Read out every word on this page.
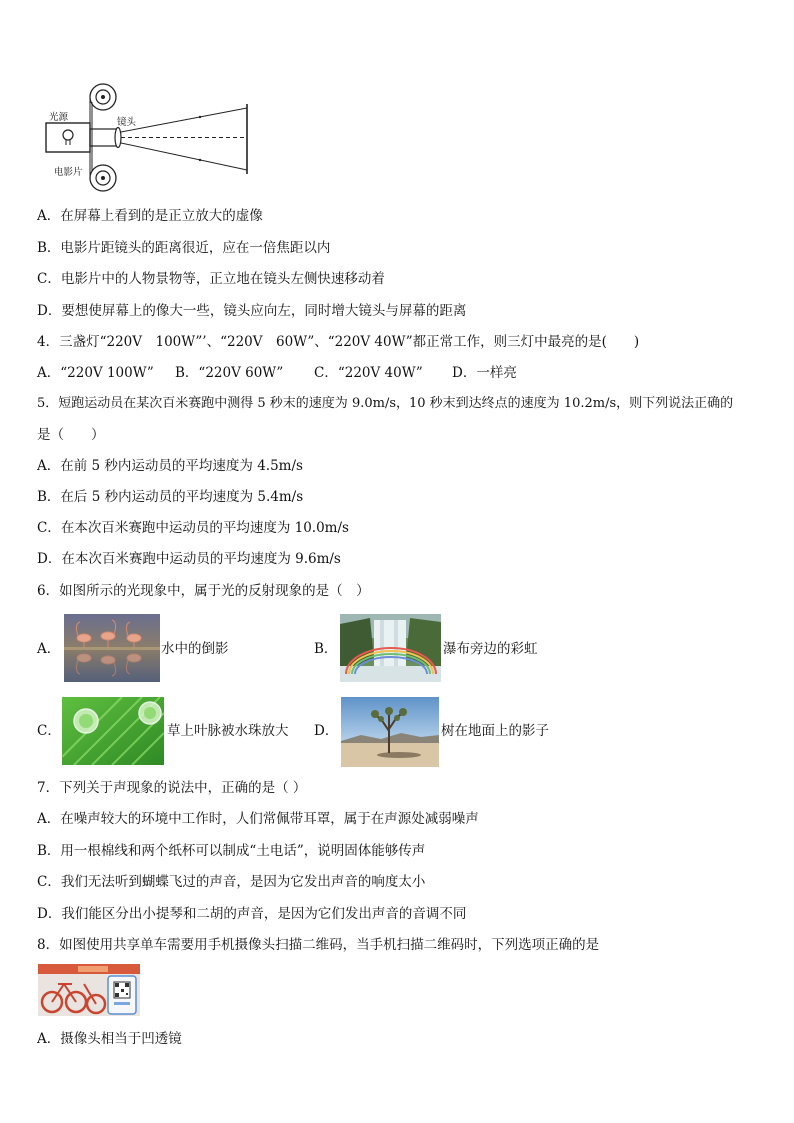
光源	镜头
电影片
A．在屏幕上看到的是正立放大的虚像
B．电影片距镜头的距离很近，应在一倍焦距以内
C．电影片中的人物景物等，正立地在镜头左侧快速移动着
D．要想使屏幕上的像大一些，镜头应向左，同时增大镜头与屏幕的距离
4．三盏灯“220V　100W”’、“220V　60W”、“220V 40W”都正常工作，则三灯中最亮的是(　　)
A．“220V 100W” B．“220V 60W” C．“220V 40W” D．一样亮
5．短跑运动员在某次百米赛跑中测得 5 秒末的速度为 9.0m/s，10 秒末到达终点的速度为 10.2m/s，则下列说法正确的
是（　　）
A．在前 5 秒内运动员的平均速度为 4.5m/s
B．在后 5 秒内运动员的平均速度为 5.4m/s
C．在本次百米赛跑中运动员的平均速度为 10.0m/s
D．在本次百米赛跑中运动员的平均速度为 9.6m/s
6．如图所示的光现象中，属于光的反射现象的是（　）
A．	水中的倒影	B．	瀑布旁边的彩虹
C．	草上叶脉被水珠放大 D．	树在地面上的影子
7．下列关于声现象的说法中，正确的是（ ）
A．在噪声较大的环境中工作时，人们常佩带耳罩，属于在声源处减弱噪声
B．用一根棉线和两个纸杯可以制成“土电话”，说明固体能够传声
C．我们无法听到蝴蝶飞过的声音，是因为它发出声音的响度太小
D．我们能区分出小提琴和二胡的声音，是因为它们发出声音的音调不同
8．如图使用共享单车需要用手机摄像头扫描二维码，当手机扫描二维码时，下列选项正确的是
A．摄像头相当于凹透镜
